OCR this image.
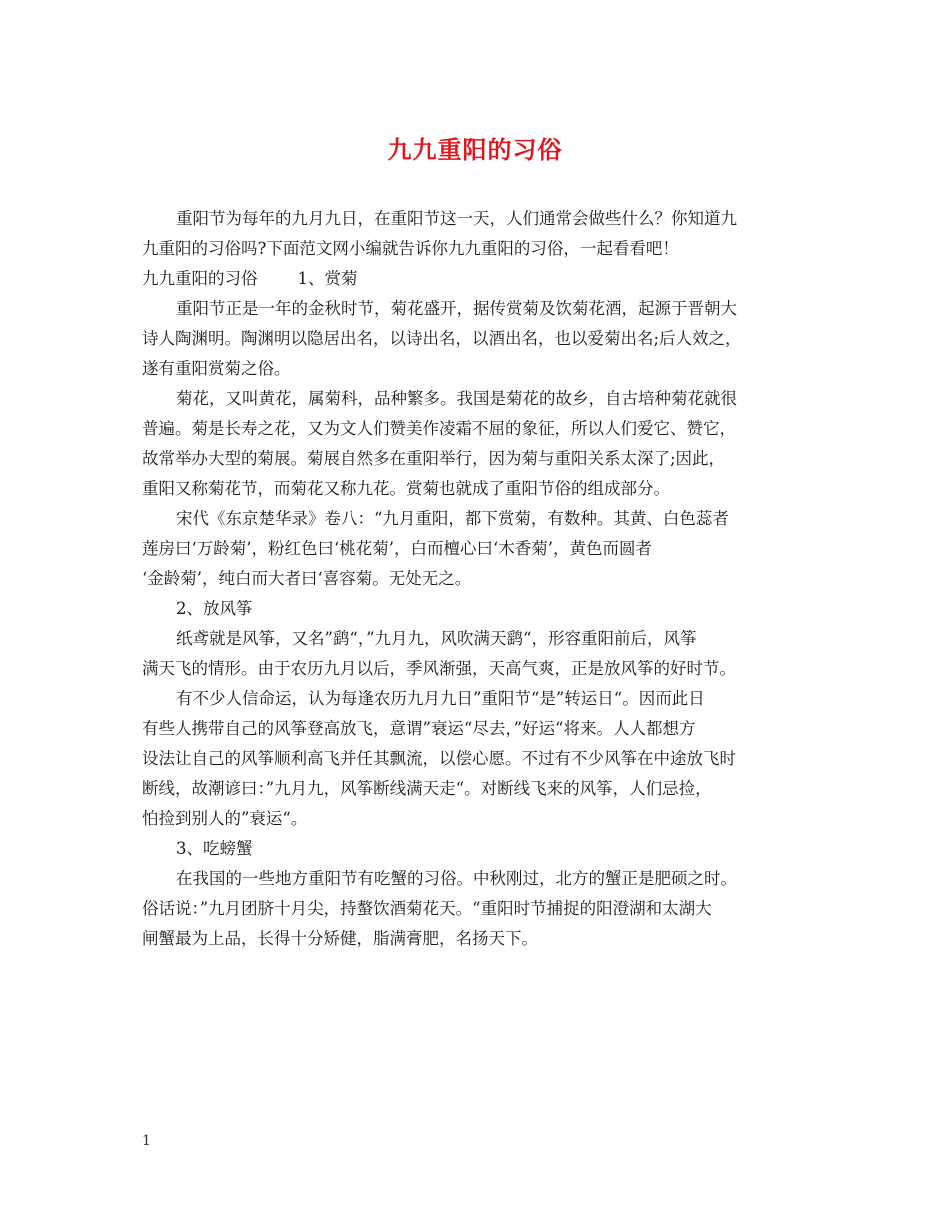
九九重阳的习俗
重阳节为每年的九月九日，在重阳节这一天，人们通常会做些什么？你知道九
九重阳的习俗吗?下面范文网小编就告诉你九九重阳的习俗，一起看看吧！
九九重阳的习俗 1、赏菊
重阳节正是一年的金秋时节，菊花盛开，据传赏菊及饮菊花酒，起源于晋朝大
诗人陶渊明。陶渊明以隐居出名，以诗出名，以酒出名，也以爱菊出名;后人效之，
遂有重阳赏菊之俗。
菊花，又叫黄花，属菊科，品种繁多。我国是菊花的故乡，自古培种菊花就很
普遍。菊是长寿之花，又为文人们赞美作凌霜不屈的象征，所以人们爱它、赞它，
故常举办大型的菊展。菊展自然多在重阳举行，因为菊与重阳关系太深了;因此，
重阳又称菊花节，而菊花又称九花。赏菊也就成了重阳节俗的组成部分。
宋代《东京楚华录》卷八：“九月重阳，都下赏菊，有数种。其黄、白色蕊者
莲房曰‘万龄菊’，粉红色曰‘桃花菊’，白而檀心曰‘木香菊’，黄色而圆者
‘金龄菊’，纯白而大者曰‘喜容菊。无处无之。
2、放风筝
纸鸢就是风筝，又名”鹞“，”九月九，风吹满天鹞“，形容重阳前后，风筝
满天飞的情形。由于农历九月以后，季风渐强，天高气爽，正是放风筝的好时节。
有不少人信命运，认为每逢农历九月九日”重阳节“是”转运日“。因而此日
有些人携带自己的风筝登高放飞，意谓”衰运“尽去，”好运“将来。人人都想方
设法让自己的风筝顺利高飞并任其飘流，以偿心愿。不过有不少风筝在中途放飞时
断线，故潮谚曰：”九月九，风筝断线满天走“。对断线飞来的风筝，人们忌捡，
怕捡到别人的”衰运“。
3、吃螃蟹
在我国的一些地方重阳节有吃蟹的习俗。中秋刚过，北方的蟹正是肥硕之时。
俗话说：”九月团脐十月尖，持螯饮酒菊花天。“重阳时节捕捉的阳澄湖和太湖大
闸蟹最为上品，长得十分矫健，脂满膏肥，名扬天下。
1
